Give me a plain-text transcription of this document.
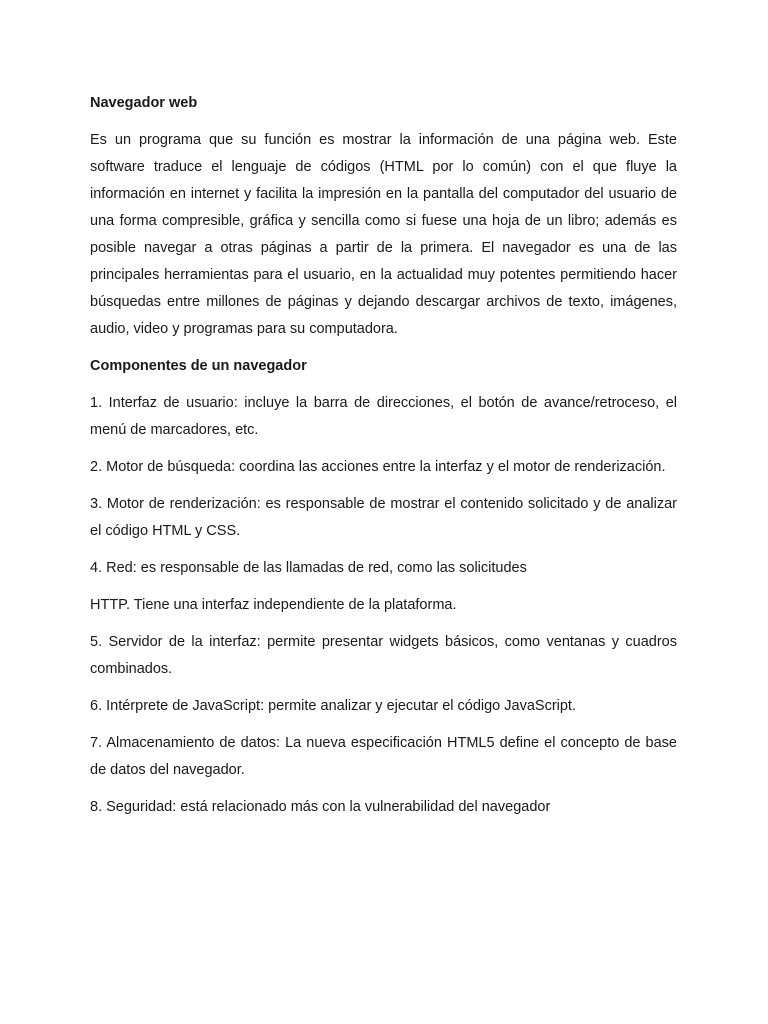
Navegador web
Es un programa que su función es mostrar la información de una página web. Este software traduce el lenguaje de códigos (HTML por lo común) con el que fluye la información en internet y facilita la impresión en la pantalla del computador del usuario de una forma compresible, gráfica y sencilla como si fuese una hoja de un libro; además es posible navegar a otras páginas a partir de la primera. El navegador es una de las principales herramientas para el usuario, en la actualidad muy potentes permitiendo hacer búsquedas entre millones de páginas y dejando descargar archivos de texto, imágenes, audio, video y programas para su computadora.
Componentes de un navegador
1. Interfaz de usuario: incluye la barra de direcciones, el botón de avance/retroceso, el menú de marcadores, etc.
2. Motor de búsqueda: coordina las acciones entre la interfaz y el motor de renderización.
3. Motor de renderización: es responsable de mostrar el contenido solicitado y de analizar el código HTML y CSS.
4. Red: es responsable de las llamadas de red, como las solicitudes
HTTP. Tiene una interfaz independiente de la plataforma.
5. Servidor de la interfaz: permite presentar widgets básicos, como ventanas y cuadros combinados.
6. Intérprete de JavaScript: permite analizar y ejecutar el código JavaScript.
7. Almacenamiento de datos: La nueva especificación HTML5 define el concepto de base de datos del navegador.
8. Seguridad: está relacionado más con la vulnerabilidad del navegador
